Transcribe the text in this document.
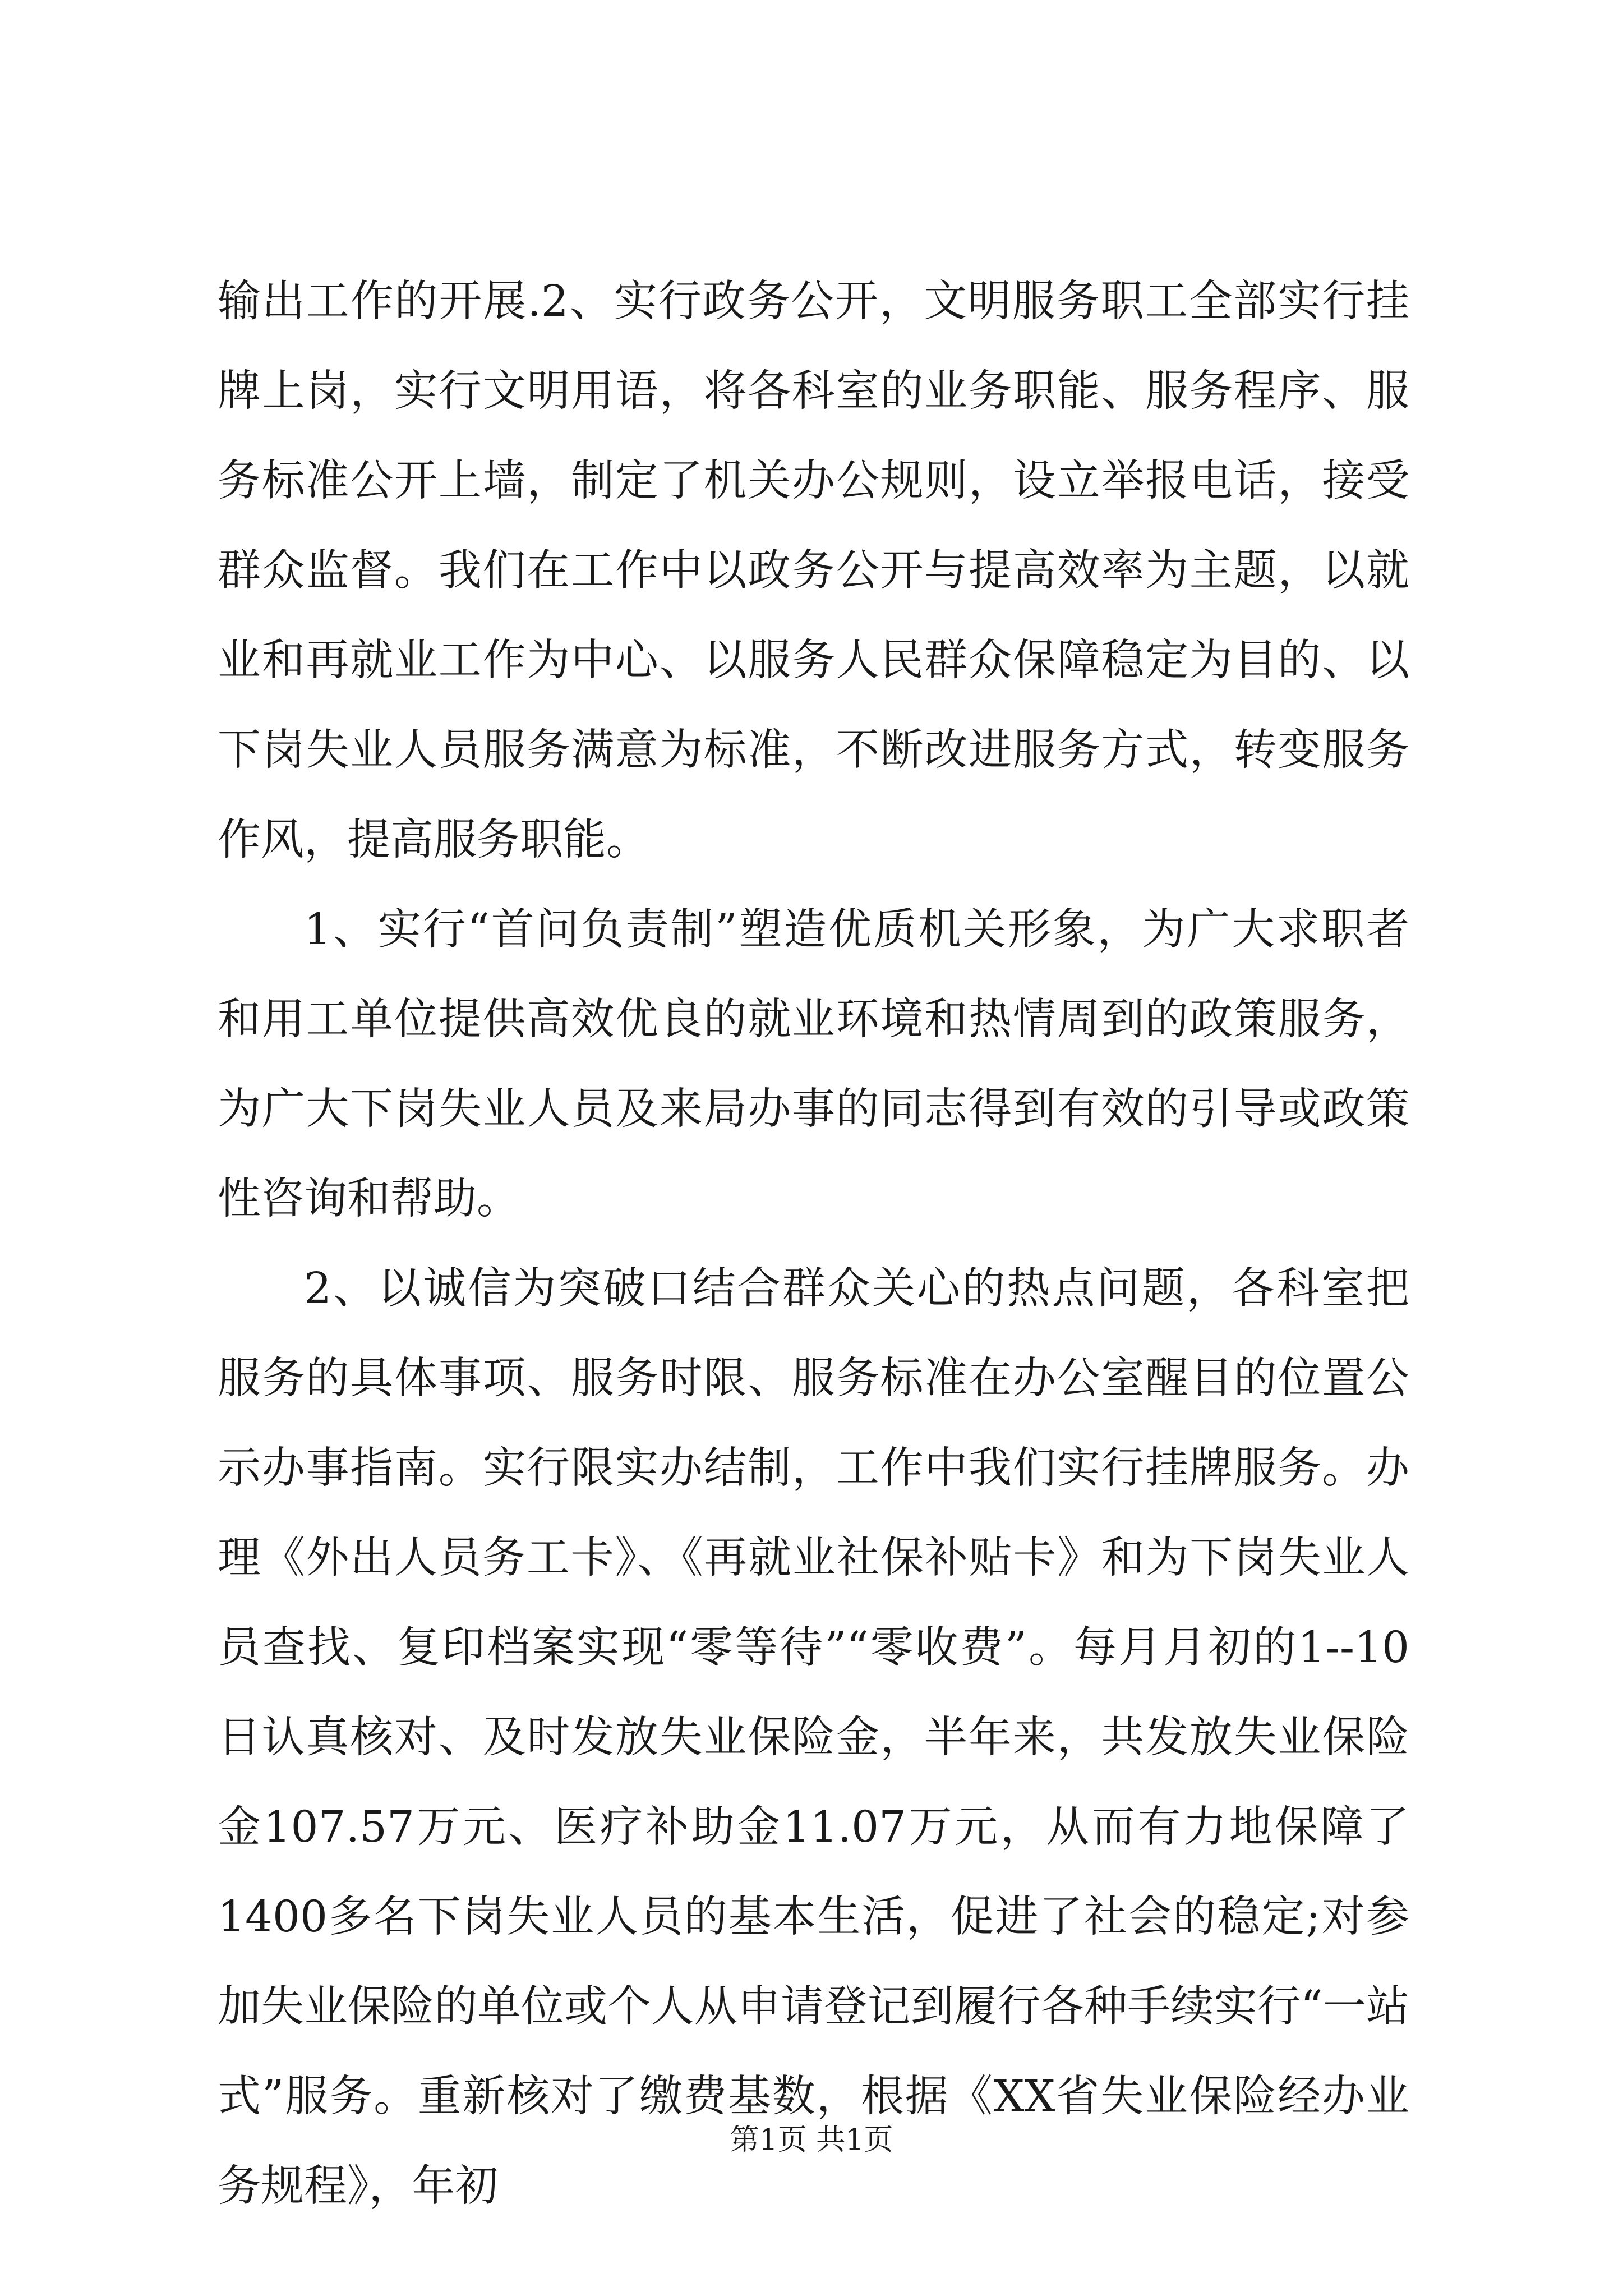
输出工作的开展.2、实行政务公开，文明服务职工全部实行挂牌上岗，实行文明用语，将各科室的业务职能、服务程序、服务标准公开上墙，制定了机关办公规则，设立举报电话，接受群众监督。我们在工作中以政务公开与提高效率为主题，以就业和再就业工作为中心、以服务人民群众保障稳定为目的、以下岗失业人员服务满意为标准，不断改进服务方式，转变服务作风，提高服务职能。

1、实行“首问负责制”塑造优质机关形象，为广大求职者和用工单位提供高效优良的就业环境和热情周到的政策服务，为广大下岗失业人员及来局办事的同志得到有效的引导或政策性咨询和帮助。

2、以诚信为突破口结合群众关心的热点问题，各科室把服务的具体事项、服务时限、服务标准在办公室醒目的位置公示办事指南。实行限实办结制，工作中我们实行挂牌服务。办理《外出人员务工卡》、《再就业社保补贴卡》和为下岗失业人员查找、复印档案实现“零等待”“零收费”。每月月初的1--10日认真核对、及时发放失业保险金，半年来，共发放失业保险金107.57万元、医疗补助金11.07万元，从而有力地保障了1400多名下岗失业人员的基本生活，促进了社会的稳定;对参加失业保险的单位或个人从申请登记到履行各种手续实行“一站式”服务。重新核对了缴费基数，根据《XX省失业保险经办业务规程》，年初

第1页 共1页
